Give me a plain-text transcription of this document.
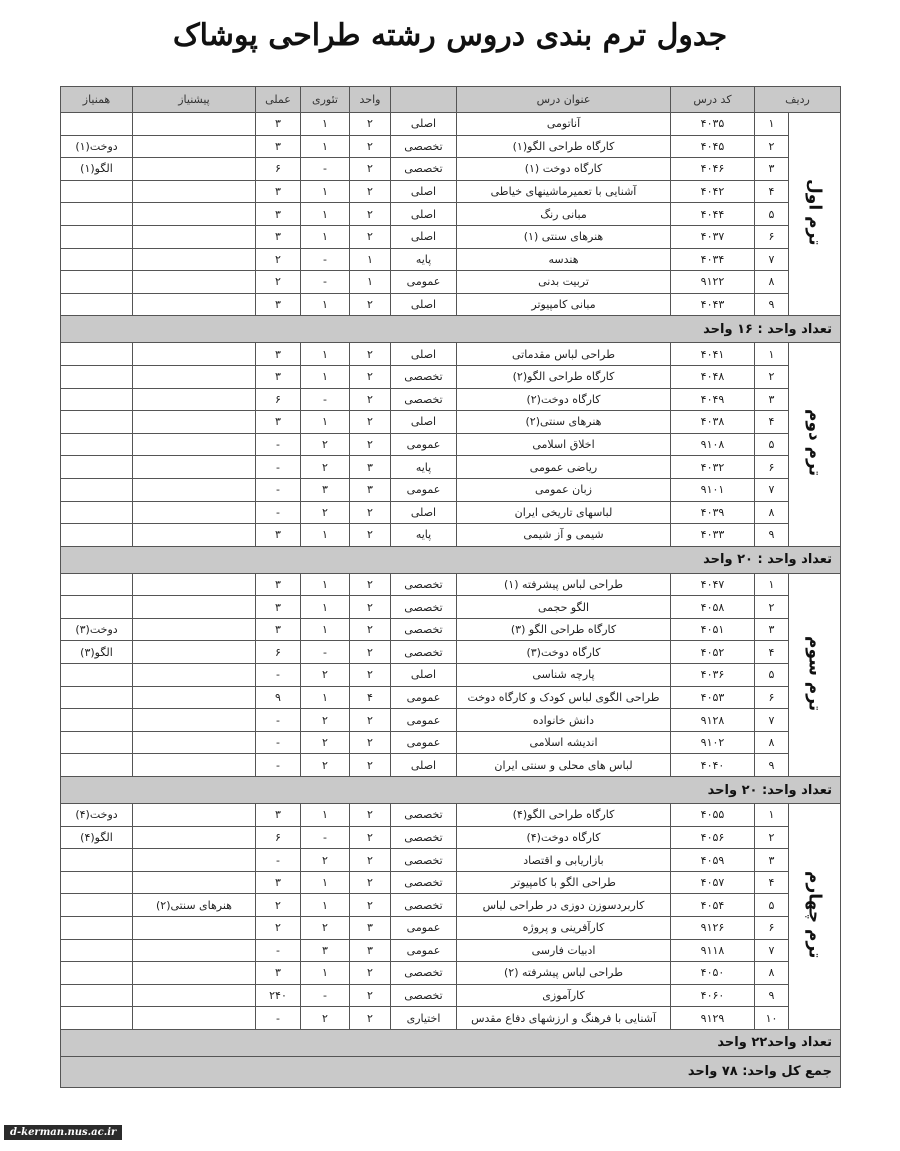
جدول ترم بندی دروس رشته طراحی پوشاک
ردیف		کد درس	عنوان درس		واحد	تئوری	عملی	پیشنیاز	همنیاز
ترم اول	۱	۴۰۳۵	آناتومی	اصلی	۲	۱	۳		
	۲	۴۰۴۵	کارگاه طراحی الگو(۱)	تخصصی	۲	۱	۳		دوخت(۱)
	۳	۴۰۴۶	کارگاه دوخت (۱)	تخصصی	۲	-	۶		الگو(۱)
	۴	۴۰۴۲	آشنایی با تعمیرماشینهای خیاطی	اصلی	۲	۱	۳		
	۵	۴۰۴۴	مبانی رنگ	اصلی	۲	۱	۳		
	۶	۴۰۳۷	هنرهای سنتی (۱)	اصلی	۲	۱	۳		
	۷	۴۰۳۴	هندسه	پایه	۱	-	۲		
	۸	۹۱۲۲	تربیت بدنی	عمومی	۱	-	۲		
	۹	۴۰۴۳	مبانی کامپیوتر	اصلی	۲	۱	۳		
تعداد واحد : ۱۶ واحد									
ترم دوم	۱	۴۰۴۱	طراحی لباس مقدماتی	اصلی	۲	۱	۳		
	۲	۴۰۴۸	کارگاه طراحی الگو(۲)	تخصصی	۲	۱	۳		
	۳	۴۰۴۹	کارگاه دوخت(۲)	تخصصی	۲	-	۶		
	۴	۴۰۳۸	هنرهای سنتی(۲)	اصلی	۲	۱	۳		
	۵	۹۱۰۸	اخلاق اسلامی	عمومی	۲	۲	-		
	۶	۴۰۳۲	ریاضی عمومی	پایه	۳	۲	-		
	۷	۹۱۰۱	زبان عمومی	عمومی	۳	۳	-		
	۸	۴۰۳۹	لباسهای تاریخی ایران	اصلی	۲	۲	-		
	۹	۴۰۳۳	شیمی و آز شیمی	پایه	۲	۱	۳		
تعداد واحد : ۲۰ واحد									
ترم سوم	۱	۴۰۴۷	طراحی لباس پیشرفته (۱)	تخصصی	۲	۱	۳		
	۲	۴۰۵۸	الگو حجمی	تخصصی	۲	۱	۳		
	۳	۴۰۵۱	کارگاه طراحی الگو (۳)	تخصصی	۲	۱	۳		دوخت(۳)
	۴	۴۰۵۲	کارگاه دوخت(۳)	تخصصی	۲	-	۶		الگو(۳)
	۵	۴۰۳۶	پارچه شناسی	اصلی	۲	۲	-		
	۶	۴۰۵۳	طراحی الگوی لباس کودک و کارگاه دوخت	عمومی	۴	۱	۹		
	۷	۹۱۲۸	دانش خانواده	عمومی	۲	۲	-		
	۸	۹۱۰۲	اندیشه اسلامی	عمومی	۲	۲	-		
	۹	۴۰۴۰	لباس های محلی و سنتی ایران	اصلی	۲	۲	-		
تعداد واحد: ۲۰ واحد									
ترم چهارم	۱	۴۰۵۵	کارگاه طراحی الگو(۴)	تخصصی	۲	۱	۳		دوخت(۴)
	۲	۴۰۵۶	کارگاه دوخت(۴)	تخصصی	۲	-	۶		الگو(۴)
	۳	۴۰۵۹	بازاریابی و اقتصاد	تخصصی	۲	۲	-		
	۴	۴۰۵۷	طراحی الگو با کامپیوتر	تخصصی	۲	۱	۳		
	۵	۴۰۵۴	کاربردسوزن دوزی در طراحی لباس	تخصصی	۲	۱	۲	هنرهای سنتی(۲)	
	۶	۹۱۲۶	کارآفرینی و پروژه	عمومی	۳	۲	۲		
	۷	۹۱۱۸	ادبیات فارسی	عمومی	۳	۳	-		
	۸	۴۰۵۰	طراحی لباس پیشرفته (۲)	تخصصی	۲	۱	۳		
	۹	۴۰۶۰	کارآموزی	تخصصی	۲	-	۲۴۰		
	۱۰	۹۱۲۹	آشنایی با فرهنگ و ارزشهای دفاع مقدس	اختیاری	۲	۲	-		
تعداد واحد۲۲ واحد									
جمع کل واحد: ۷۸ واحد									
d-kerman.nus.ac.ir
